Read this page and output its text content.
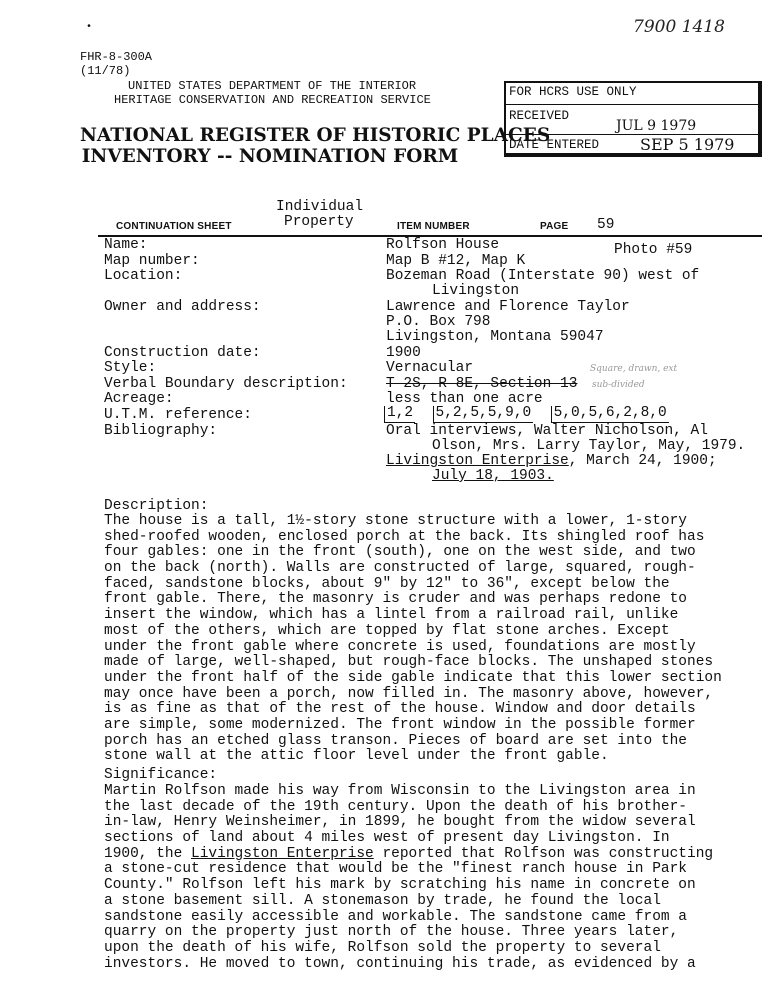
7900 1418
•
FHR-8-300A
(11/78)
UNITED STATES DEPARTMENT OF THE INTERIOR
HERITAGE CONSERVATION AND RECREATION SERVICE
NATIONAL REGISTER OF HISTORIC PLACES
INVENTORY -- NOMINATION FORM
FOR HCRS USE ONLY
RECEIVED
JUL 9 1979
DATE ENTERED	SEP 5 1979
CONTINUATION SHEET
Individual
Property	ITEM NUMBER	PAGE 59
Name:	Rolfson House	Photo #59
Map number:	Map B #12, Map K
Location:	Bozeman Road (Interstate 90) west of
Livingston
Owner and address:	Lawrence and Florence Taylor
P.O. Box 798
Livingston, Montana 59047
Construction date:	1900
Style:	Vernacular	Square, drawn, ext
Verbal Boundary description:	T 2S, R 8E, Section 13 sub-divided
Acreage:	less than one acre
U.T.M. reference:	1,2 5,2,5,5,9,0 5,0,5,6,2,8,0
Bibliography:	Oral interviews, Walter Nicholson, Al
Olson, Mrs. Larry Taylor, May, 1979.
Livingston Enterprise, March 24, 1900;
July 18, 1903.
Description:
The house is a tall, 1½-story stone structure with a lower, 1-story
shed-roofed wooden, enclosed porch at the back. Its shingled roof has
four gables: one in the front (south), one on the west side, and two
on the back (north). Walls are constructed of large, squared, rough-
faced, sandstone blocks, about 9" by 12" to 36", except below the
front gable. There, the masonry is cruder and was perhaps redone to
insert the window, which has a lintel from a railroad rail, unlike
most of the others, which are topped by flat stone arches. Except
under the front gable where concrete is used, foundations are mostly
made of large, well-shaped, but rough-face blocks. The unshaped stones
under the front half of the side gable indicate that this lower section
may once have been a porch, now filled in. The masonry above, however,
is as fine as that of the rest of the house. Window and door details
are simple, some modernized. The front window in the possible former
porch has an etched glass transon. Pieces of board are set into the
stone wall at the attic floor level under the front gable.
Significance:
Martin Rolfson made his way from Wisconsin to the Livingston area in
the last decade of the 19th century. Upon the death of his brother-
in-law, Henry Weinsheimer, in 1899, he bought from the widow several
sections of land about 4 miles west of present day Livingston. In
1900, the Livingston Enterprise reported that Rolfson was constructing
a stone-cut residence that would be the "finest ranch house in Park
County." Rolfson left his mark by scratching his name in concrete on
a stone basement sill. A stonemason by trade, he found the local
sandstone easily accessible and workable. The sandstone came from a
quarry on the property just north of the house. Three years later,
upon the death of his wife, Rolfson sold the property to several
investors. He moved to town, continuing his trade, as evidenced by a
